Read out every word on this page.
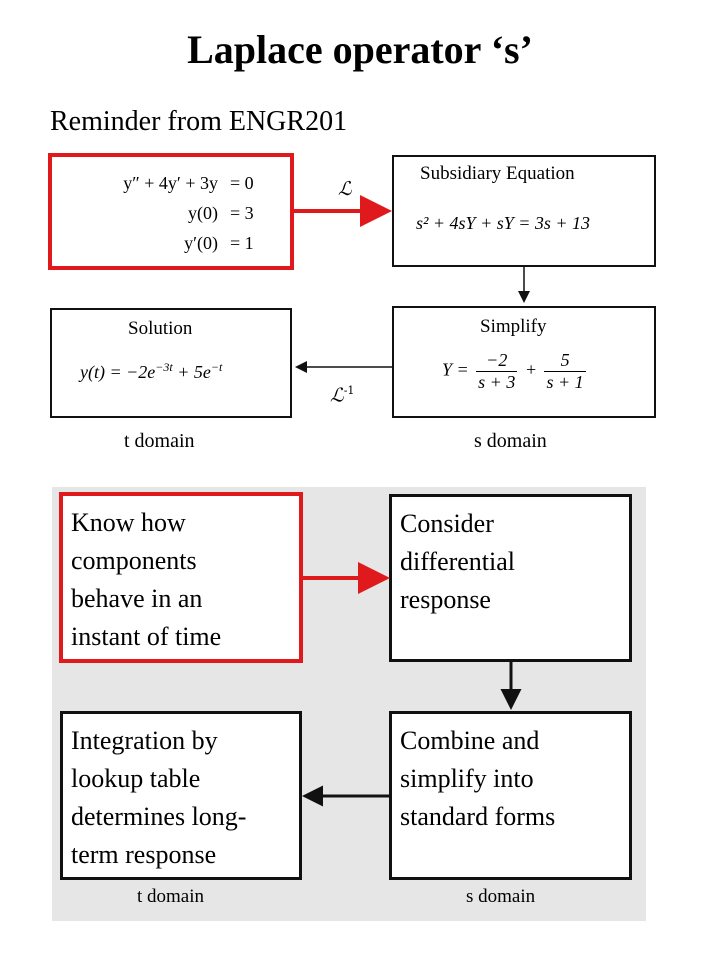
Laplace operator ‘s’
Reminder from ENGR201
y″ + 4y′ + 3y = 0
y(0) = 3
y′(0) = 1
Subsidiary Equation
s² + 4sY + sY = 3s + 13
Simplify
$Y = \frac{-2}{s + 3} + \frac{5}{s + 1}$
Solution
$y(t) = -2e^{-3t} + 5e^{-t}$
ℒ
ℒ$^{-1}$
t domain	s domain
Know how
components
behave in an
instant of time
Consider
differential
response
Combine and
simplify into
standard forms
Integration by
lookup table
determines long-
term response
t domain	s domain
